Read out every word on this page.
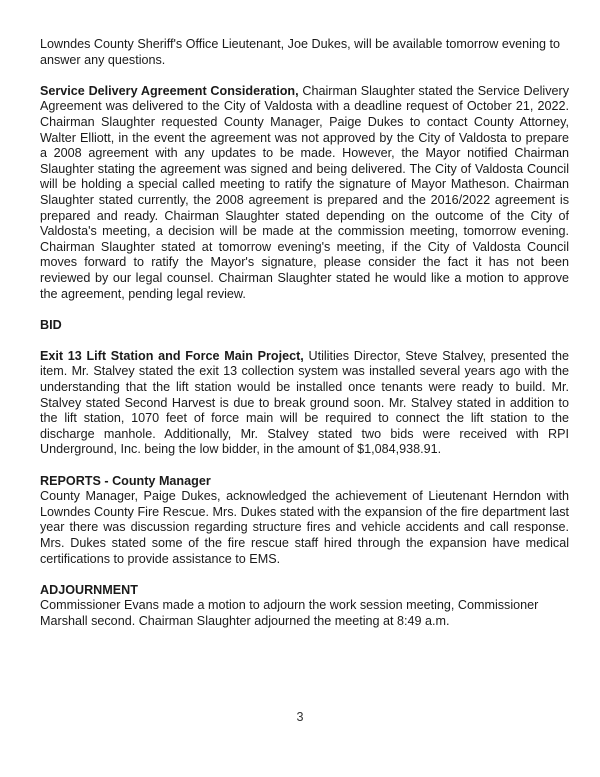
Lowndes County Sheriff's Office Lieutenant, Joe Dukes, will be available tomorrow evening to answer any questions.

Service Delivery Agreement Consideration, Chairman Slaughter stated the Service Delivery Agreement was delivered to the City of Valdosta with a deadline request of October 21, 2022. Chairman Slaughter requested County Manager, Paige Dukes to contact County Attorney, Walter Elliott, in the event the agreement was not approved by the City of Valdosta to prepare a 2008 agreement with any updates to be made. However, the Mayor notified Chairman Slaughter stating the agreement was signed and being delivered. The City of Valdosta Council will be holding a special called meeting to ratify the signature of Mayor Matheson. Chairman Slaughter stated currently, the 2008 agreement is prepared and the 2016/2022 agreement is prepared and ready. Chairman Slaughter stated depending on the outcome of the City of Valdosta's meeting, a decision will be made at the commission meeting, tomorrow evening. Chairman Slaughter stated at tomorrow evening's meeting, if the City of Valdosta Council moves forward to ratify the Mayor's signature, please consider the fact it has not been reviewed by our legal counsel. Chairman Slaughter stated he would like a motion to approve the agreement, pending legal review.

BID

Exit 13 Lift Station and Force Main Project, Utilities Director, Steve Stalvey, presented the item. Mr. Stalvey stated the exit 13 collection system was installed several years ago with the understanding that the lift station would be installed once tenants were ready to build. Mr. Stalvey stated Second Harvest is due to break ground soon. Mr. Stalvey stated in addition to the lift station, 1070 feet of force main will be required to connect the lift station to the discharge manhole. Additionally, Mr. Stalvey stated two bids were received with RPI Underground, Inc. being the low bidder, in the amount of $1,084,938.91.

REPORTS - County Manager

County Manager, Paige Dukes, acknowledged the achievement of Lieutenant Herndon with Lowndes County Fire Rescue. Mrs. Dukes stated with the expansion of the fire department last year there was discussion regarding structure fires and vehicle accidents and call response. Mrs. Dukes stated some of the fire rescue staff hired through the expansion have medical certifications to provide assistance to EMS.

ADJOURNMENT

Commissioner Evans made a motion to adjourn the work session meeting, Commissioner Marshall second. Chairman Slaughter adjourned the meeting at 8:49 a.m.

3
